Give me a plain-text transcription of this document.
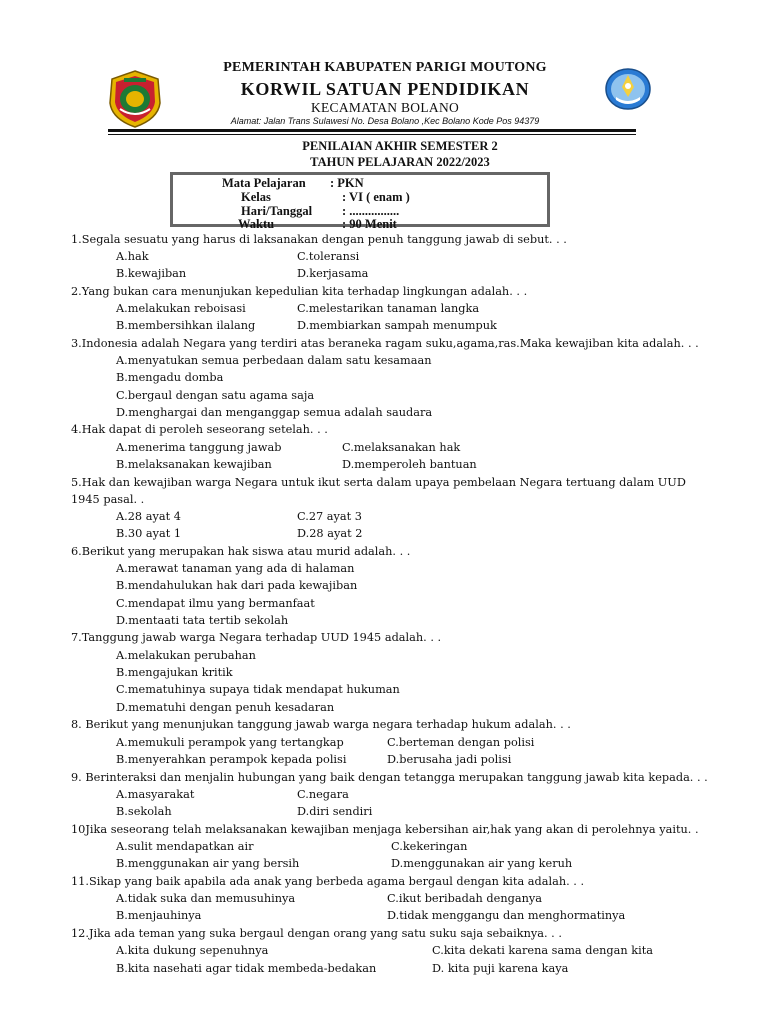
PEMERINTAH KABUPATEN PARIGI MOUTONG
KORWIL SATUAN PENDIDIKAN
KECAMATAN BOLANO
Alamat: Jalan Trans Sulawesi No. Desa Bolano ,Kec Bolano Kode Pos 94379
PENILAIAN AKHIR SEMESTER 2
TAHUN PELAJARAN 2022/2023
Mata Pelajaran : PKN
Kelas	: VI ( enam )
Hari/Tanggal : ................
Waktu	: 90 Menit
1.Segala sesuatu yang harus di laksanakan dengan penuh tanggung jawab di sebut. . .
A.hak	C.toleransi
B.kewajiban	D.kerjasama
2.Yang bukan cara menunjukan kepedulian kita terhadap lingkungan adalah. . .
A.melakukan reboisasi	C.melestarikan tanaman langka
B.membersihkan ilalang	D.membiarkan sampah menumpuk
3.Indonesia adalah Negara yang terdiri atas beraneka ragam suku,agama,ras.Maka kewajiban kita adalah. . .
A.menyatukan semua perbedaan dalam satu kesamaan
B.mengadu domba
C.bergaul dengan satu agama saja
D.menghargai dan menganggap semua adalah saudara
4.Hak dapat di peroleh seseorang setelah. . .
A.menerima tanggung jawab	C.melaksanakan hak
B.melaksanakan kewajiban	D.memperoleh bantuan
5.Hak dan kewajiban warga Negara untuk ikut serta dalam upaya pembelaan Negara tertuang dalam UUD
1945 pasal. .
A.28 ayat 4	C.27 ayat 3
B.30 ayat 1	D.28 ayat 2
6.Berikut yang merupakan hak siswa atau murid adalah. . .
A.merawat tanaman yang ada di halaman
B.mendahulukan hak dari pada kewajiban
C.mendapat ilmu yang bermanfaat
D.mentaati tata tertib sekolah
7.Tanggung jawab warga Negara terhadap UUD 1945 adalah. . .
A.melakukan perubahan
B.mengajukan kritik
C.mematuhinya supaya tidak mendapat hukuman
D.mematuhi dengan penuh kesadaran
8. Berikut yang menunjukan tanggung jawab warga negara terhadap hukum adalah. . .
A.memukuli perampok yang tertangkap	C.berteman dengan polisi
B.menyerahkan perampok kepada polisi	D.berusaha jadi polisi
9. Berinteraksi dan menjalin hubungan yang baik dengan tetangga merupakan tanggung jawab kita kepada. . .
A.masyarakat	C.negara
B.sekolah	D.diri sendiri
10Jika seseorang telah melaksanakan kewajiban menjaga kebersihan air,hak yang akan di perolehnya yaitu. .
A.sulit mendapatkan air	C.kekeringan
B.menggunakan air yang bersih	D.menggunakan air yang keruh
11.Sikap yang baik apabila ada anak yang berbeda agama bergaul dengan kita adalah. . .
A.tidak suka dan memusuhinya	C.ikut beribadah denganya
B.menjauhinya	D.tidak menggangu dan menghormatinya
12.Jika ada teman yang suka bergaul dengan orang yang satu suku saja sebaiknya. . .
A.kita dukung sepenuhnya	C.kita dekati karena sama dengan kita
B.kita nasehati agar tidak membeda-bedakan	D. kita puji karena kaya
